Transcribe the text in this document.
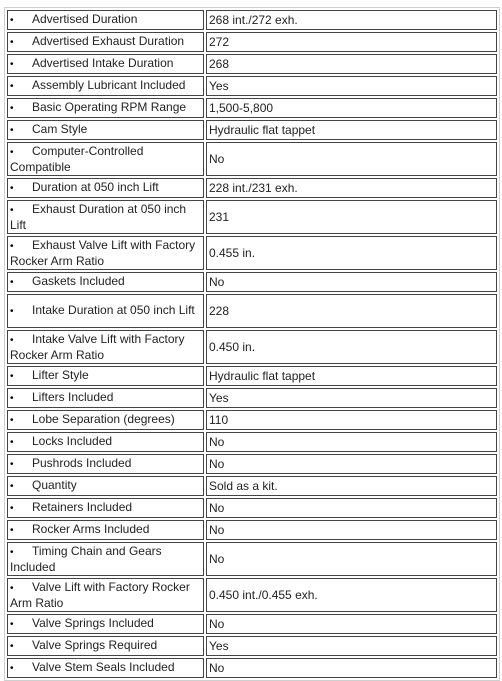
•Advertised Duration	268 int./272 exh.
•Advertised Exhaust Duration	272
•Advertised Intake Duration	268
•Assembly Lubricant Included	Yes
•Basic Operating RPM Range	1,500-5,800
•Cam Style	Hydraulic flat tappet
•Computer-Controlled Compatible	No
•Duration at 050 inch Lift	228 int./231 exh.
•Exhaust Duration at 050 inch Lift	231
•Exhaust Valve Lift with Factory Rocker Arm Ratio	0.455 in.
•Gaskets Included	No
•Intake Duration at 050 inch Lift	228
•Intake Valve Lift with Factory Rocker Arm Ratio	0.450 in.
•Lifter Style	Hydraulic flat tappet
•Lifters Included	Yes
•Lobe Separation (degrees)	110
•Locks Included	No
•Pushrods Included	No
•Quantity	Sold as a kit.
•Retainers Included	No
•Rocker Arms Included	No
•Timing Chain and Gears Included	No
•Valve Lift with Factory Rocker Arm Ratio	0.450 int./0.455 exh.
•Valve Springs Included	No
•Valve Springs Required	Yes
•Valve Stem Seals Included	No
